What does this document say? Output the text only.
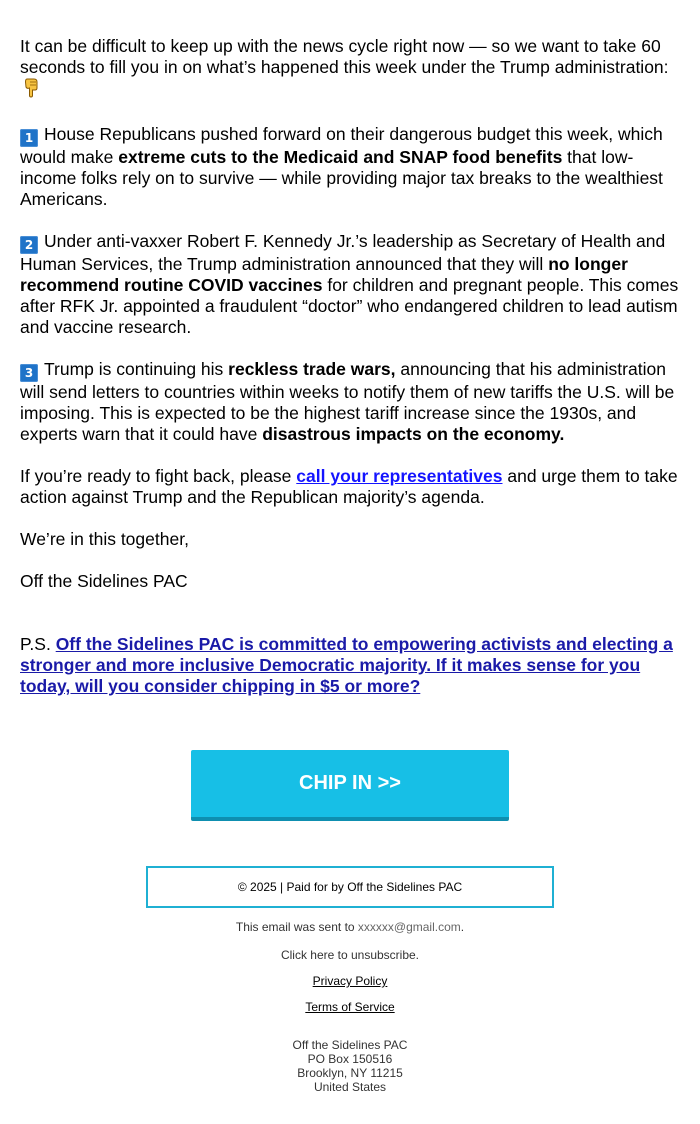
It can be difficult to keep up with the news cycle right now — so we want to take 60 seconds to fill you in on what’s happened this week under the Trump administration:

1 House Republicans pushed forward on their dangerous budget this week, which would make extreme cuts to the Medicaid and SNAP food benefits that low-income folks rely on to survive — while providing major tax breaks to the wealthiest Americans.

2 Under anti-vaxxer Robert F. Kennedy Jr.’s leadership as Secretary of Health and Human Services, the Trump administration announced that they will no longer recommend routine COVID vaccines for children and pregnant people. This comes after RFK Jr. appointed a fraudulent “doctor” who endangered children to lead autism and vaccine research.

3 Trump is continuing his reckless trade wars, announcing that his administration will send letters to countries within weeks to notify them of new tariffs the U.S. will be imposing. This is expected to be the highest tariff increase since the 1930s, and experts warn that it could have disastrous impacts on the economy.

If you’re ready to fight back, please call your representatives and urge them to take action against Trump and the Republican majority’s agenda.

We’re in this together,

Off the Sidelines PAC

P.S. Off the Sidelines PAC is committed to empowering activists and electing a stronger and more inclusive Democratic majority. If it makes sense for you today, will you consider chipping in $5 or more?

CHIP IN >>
© 2025 | Paid for by Off the Sidelines PAC
This email was sent to xxxxxx@gmail.com.
Click here to unsubscribe.
Privacy Policy
Terms of Service
Off the Sidelines PAC
PO Box 150516
Brooklyn, NY 11215
United States
